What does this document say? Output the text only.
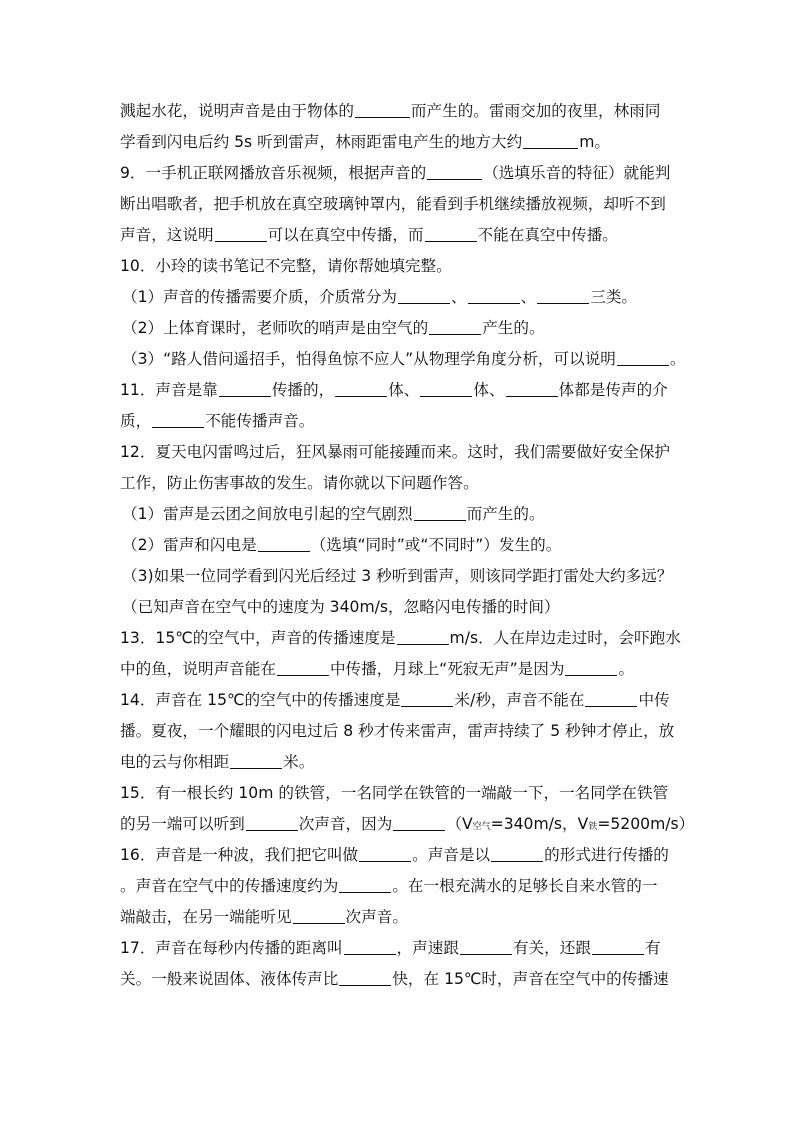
溅起水花，说明声音是由于物体的	而产生的。雷雨交加的夜里，林雨同
学看到闪电后约 5s 听到雷声，林雨距雷电产生的地方大约	m。
9．一手机正联网播放音乐视频，根据声音的	（选填乐音的特征）就能判
断出唱歌者，把手机放在真空玻璃钟罩内，能看到手机继续播放视频，却听不到
声音，这说明	可以在真空中传播，而	不能在真空中传播。
10．小玲的读书笔记不完整，请你帮她填完整。
（1）声音的传播需要介质，介质常分为	、	、	三类。
（2）上体育课时，老师吹的哨声是由空气的	产生的。
（3）“路人借问遥招手，怕得鱼惊不应人”从物理学角度分析，可以说明	。
11．声音是靠	传播的，	体、	体、	体都是传声的介
质，	不能传播声音。
12．夏天电闪雷鸣过后，狂风暴雨可能接踵而来。这时，我们需要做好安全保护
工作，防止伤害事故的发生。请你就以下问题作答。
（1）雷声是云团之间放电引起的空气剧烈	而产生的。
（2）雷声和闪电是	（选填“同时”或“不同时”）发生的。
（3)如果一位同学看到闪光后经过 3 秒听到雷声，则该同学距打雷处大约多远？
（已知声音在空气中的速度为 340m/s，忽略闪电传播的时间）
13．15℃的空气中，声音的传播速度是	m/s．人在岸边走过时，会吓跑水
中的鱼，说明声音能在	中传播，月球上“死寂无声”是因为	。
14．声音在 15℃的空气中的传播速度是	米/秒，声音不能在	中传
播。夏夜，一个耀眼的闪电过后 8 秒才传来雷声，雷声持续了 5 秒钟才停止，放
电的云与你相距	米。
15．有一根长约 10m 的铁管，一名同学在铁管的一端敲一下，一名同学在铁管
的另一端可以听到	次声音，因为	（V空气=340m/s，V铁=5200m/s）
16．声音是一种波，我们把它叫做	。声音是以	的形式进行传播的
。声音在空气中的传播速度约为	。在一根充满水的足够长自来水管的一
端敲击，在另一端能听见	次声音。
17．声音在每秒内传播的距离叫	，声速跟	有关，还跟	有
关。一般来说固体、液体传声比	快，在 15℃时，声音在空气中的传播速
